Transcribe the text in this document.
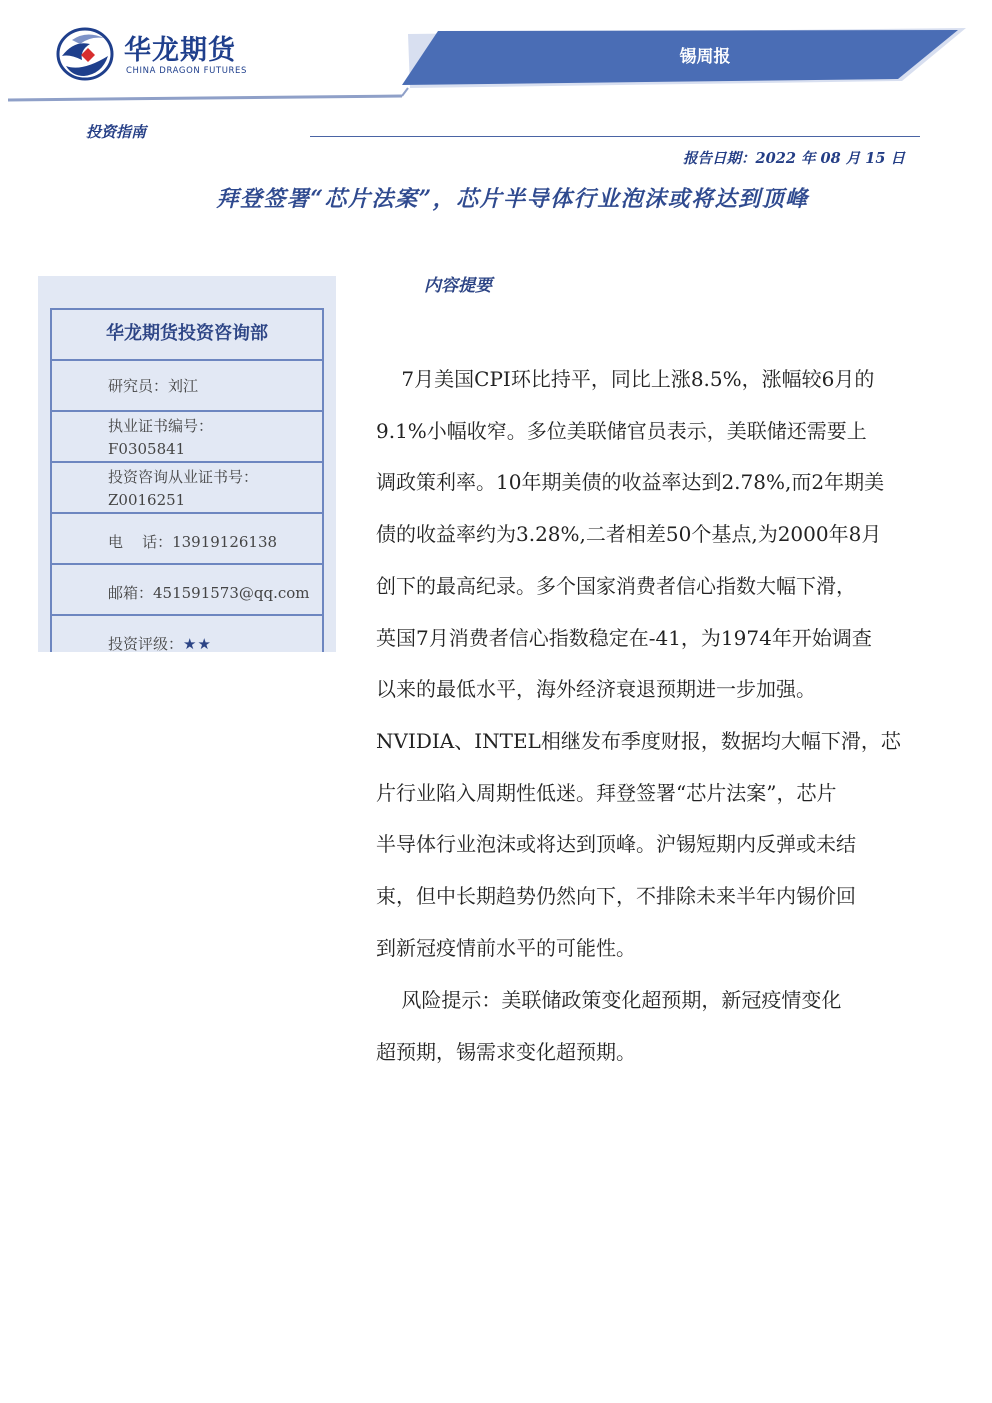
锡周报
华龙期货
CHINA DRAGON FUTURES
投资指南
报告日期：2022 年 08 月 15 日
拜登签署“芯片法案”，芯片半导体行业泡沫或将达到顶峰
华龙期货投资咨询部
研究员：刘江
执业证书编号：
F0305841
投资咨询从业证书号：
Z0016251
电    话：13919126138
邮箱：451591573@qq.com
投资评级：★★
内容提要
7月美国CPI环比持平，同比上涨8.5%，涨幅较6月的
9.1%小幅收窄。多位美联储官员表示，美联储还需要上
调政策利率。10年期美债的收益率达到2.78%,而2年期美
债的收益率约为3.28%,二者相差50个基点,为2000年8月
创下的最高纪录。多个国家消费者信心指数大幅下滑，
英国7月消费者信心指数稳定在-41，为1974年开始调查
以来的最低水平，海外经济衰退预期进一步加强。
NVIDIA、INTEL相继发布季度财报，数据均大幅下滑，芯
片行业陷入周期性低迷。拜登签署“芯片法案”，芯片
半导体行业泡沫或将达到顶峰。沪锡短期内反弹或未结
束，但中长期趋势仍然向下，不排除未来半年内锡价回
到新冠疫情前水平的可能性。
风险提示：美联储政策变化超预期，新冠疫情变化
超预期，锡需求变化超预期。
